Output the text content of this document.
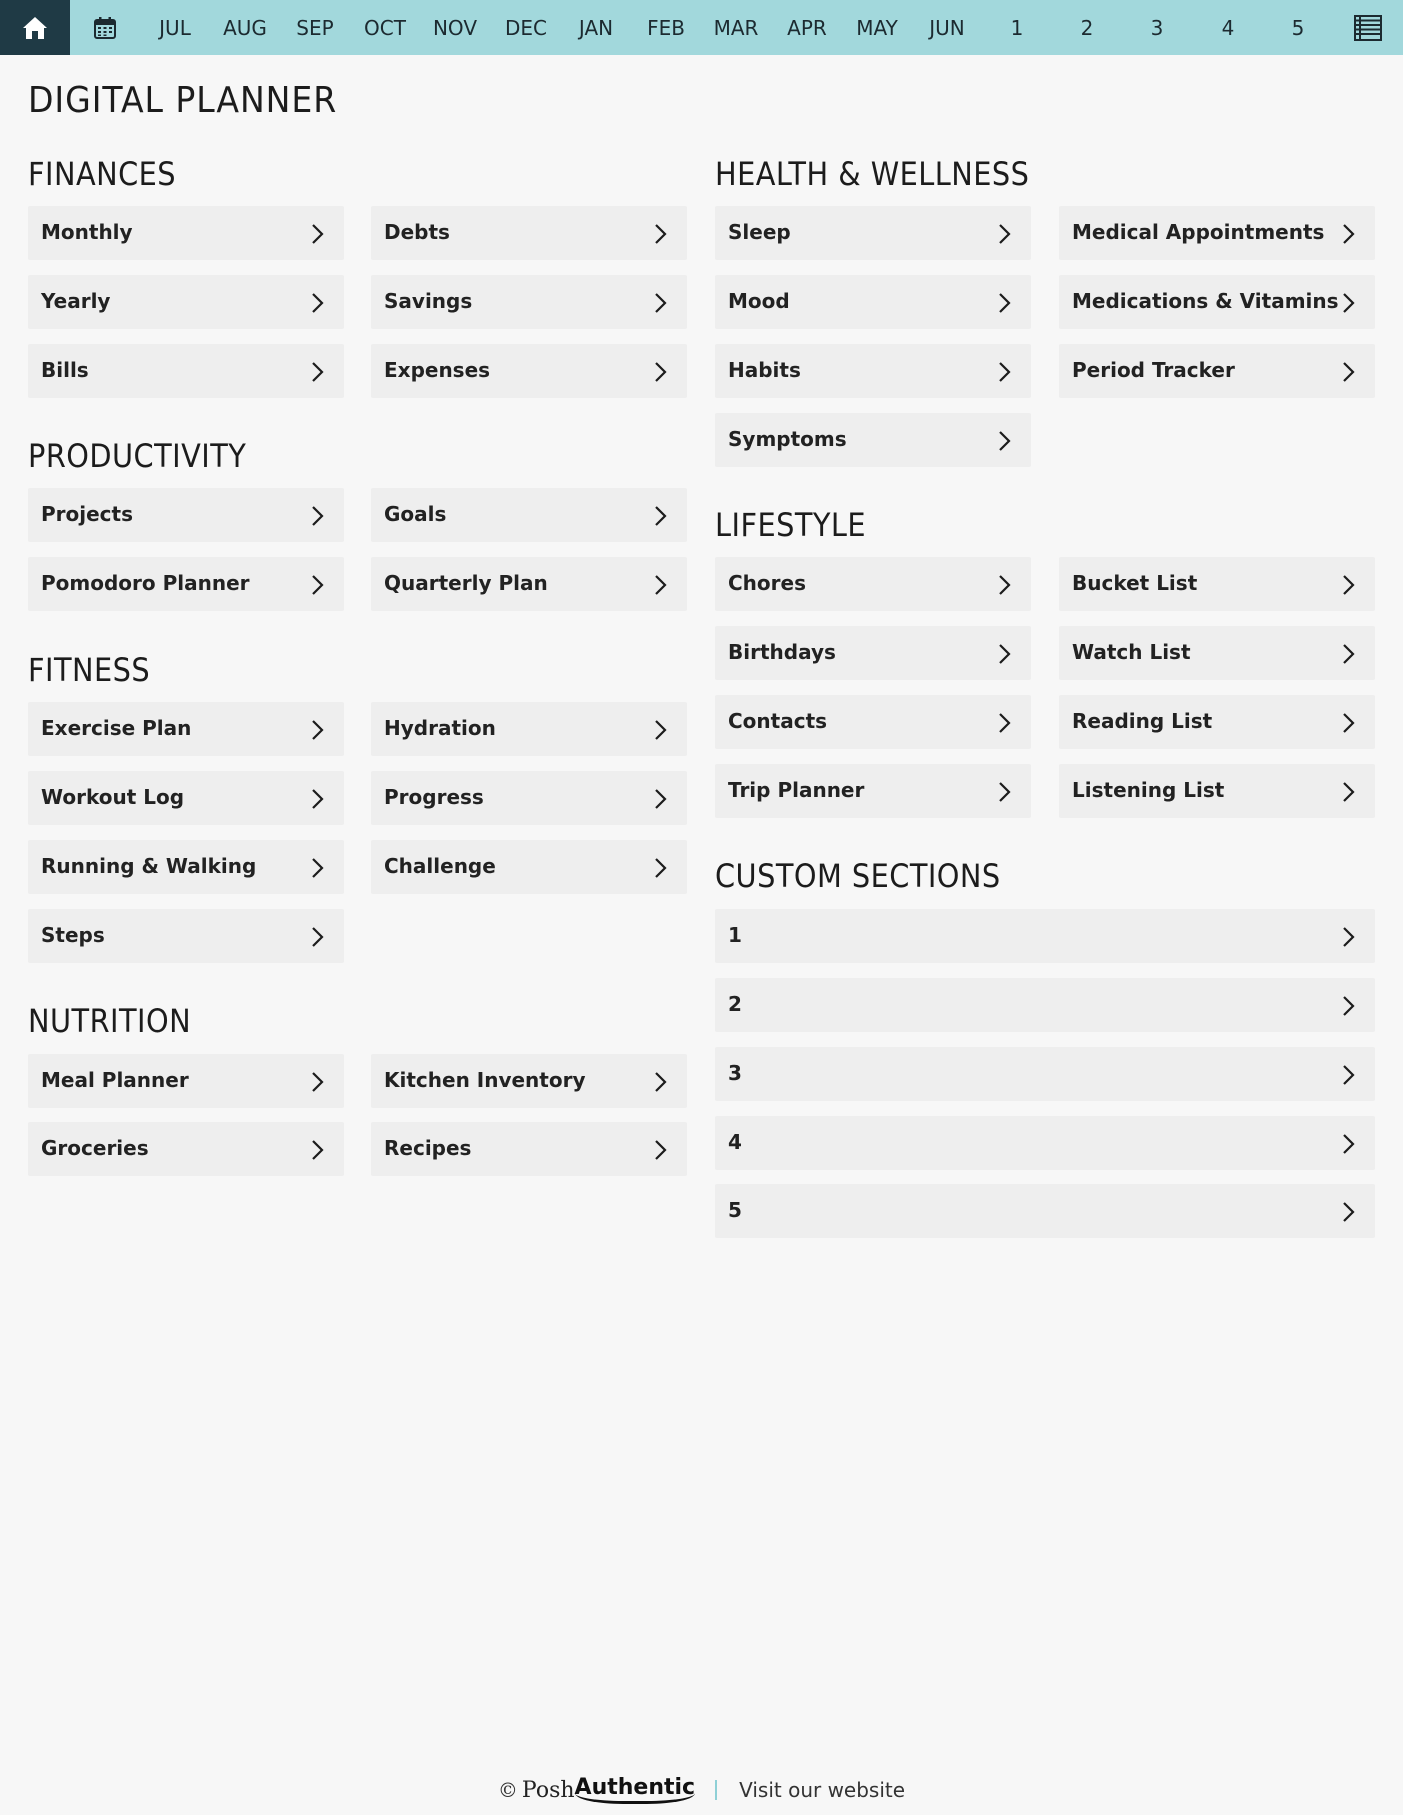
JUL	AUG	SEP	OCT	NOV	DEC	JAN	FEB	MAR	APR	MAY	JUN	1	2	3	4	5
DIGITAL PLANNER
FINANCES
Monthly	Debts
Yearly	Savings
Bills	Expenses
PRODUCTIVITY
Projects	Goals
Pomodoro Planner	Quarterly Plan
FITNESS
Exercise Plan	Hydration
Workout Log	Progress
Running & Walking	Challenge
Steps
NUTRITION
Meal Planner	Kitchen Inventory
Groceries	Recipes
HEALTH & WELLNESS
Sleep	Medical Appointments
Mood	Medications & Vitamins
Habits	Period Tracker
Symptoms
LIFESTYLE
Chores	Bucket List
Birthdays	Watch List
Contacts	Reading List
Trip Planner	Listening List
CUSTOM SECTIONS
1
2
3
4
5
© Posh Authentic Visit our website
